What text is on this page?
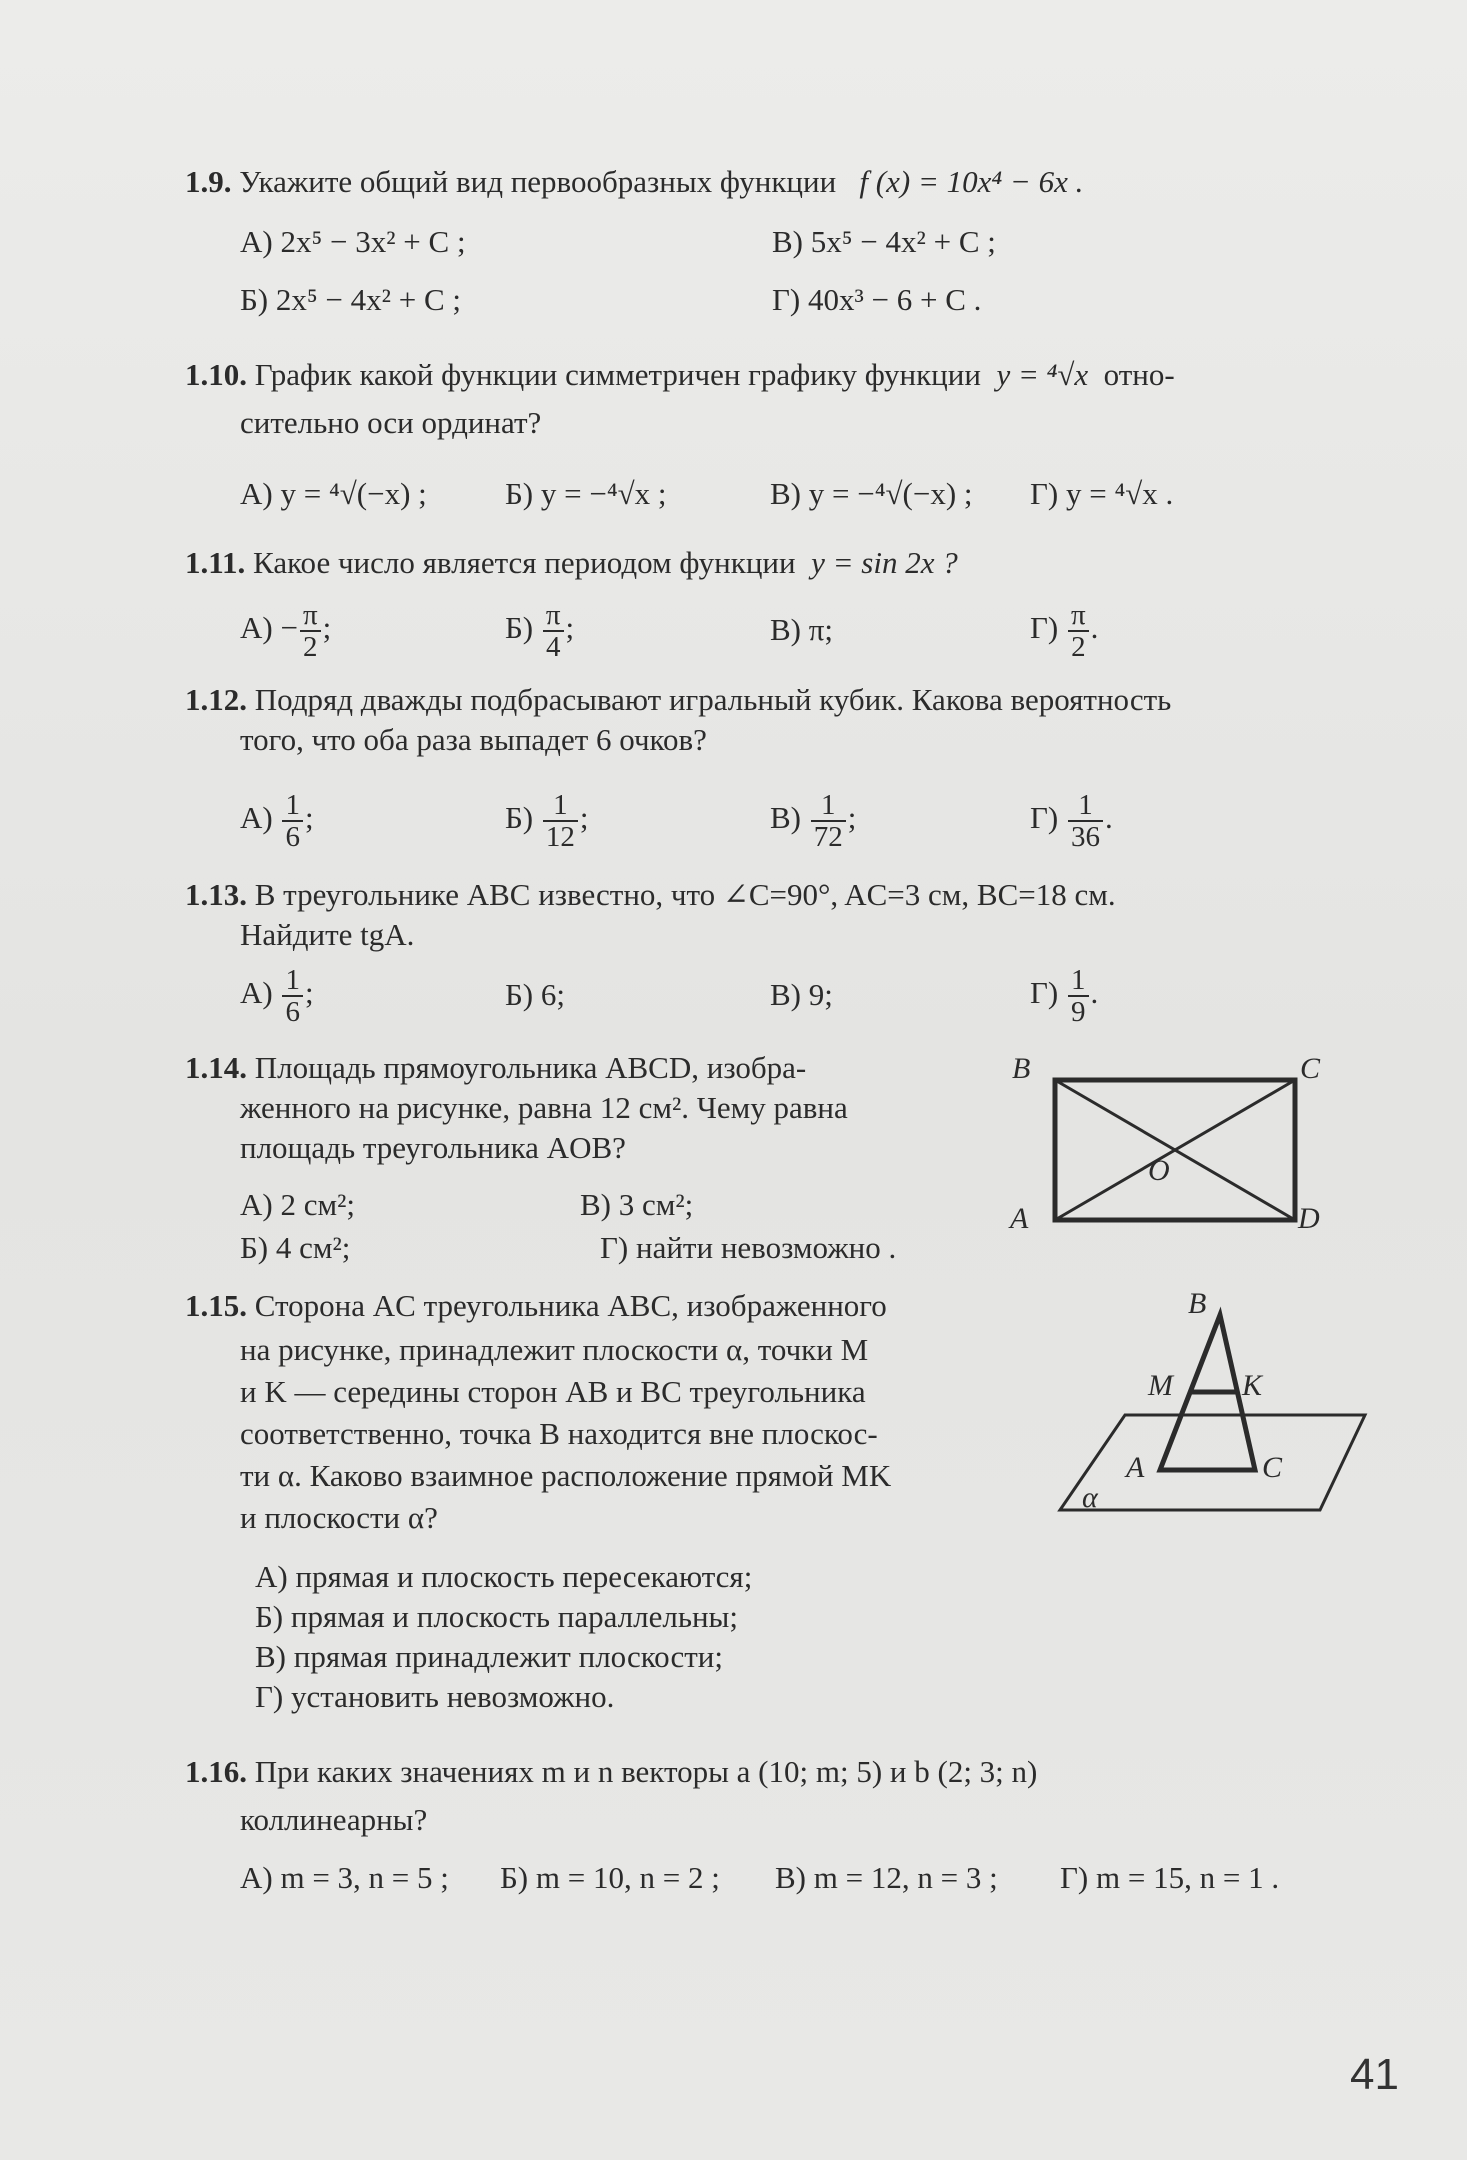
1.9. Укажите общий вид первообразных функции f (x) = 10x⁴ − 6x .
А) 2x⁵ − 3x² + C ;	В) 5x⁵ − 4x² + C ;
Б) 2x⁵ − 4x² + C ;	Г) 40x³ − 6 + C .
1.10. График какой функции симметричен графику функции y = ⁴√x отно-
сительно оси ординат?
А) y = ⁴√(−x) ;	Б) y = −⁴√x ;	В) y = −⁴√(−x) ; Г) y = ⁴√x .
1.11. Какое число является периодом функции y = sin 2x ?
$А) - \frac{\pi}{2}$ ;	$Б) \frac{\pi}{4}$ ;	В) π;	$Г) \frac{\pi}{2}$ .
1.12. Подряд дважды подбрасывают игральный кубик. Какова вероятность
того, что оба раза выпадет 6 очков?
$А) \frac{1}{6}$ ;	$Б) \frac{1}{12}$ ;	$В) \frac{1}{72}$ ;	$Г) \frac{1}{36}$ .
1.13. В треугольнике ABC известно, что ∠C=90°, AC=3 см, BC=18 см.
Найдите tgA.
$А) \frac{1}{6}$ ;	Б) 6;	В) 9;	$Г) \frac{1}{9}$ .
1.14. Площадь прямоугольника ABCD, изобра-
женного на рисунке, равна 12 см². Чему равна
площадь треугольника AOB?
А) 2 см²;	В) 3 см²;
Б) 4 см²;	Г) найти невозможно .
B	C
A	D
O
1.15. Сторона AC треугольника ABC, изображенного
на рисунке, принадлежит плоскости α, точки M
и K — середины сторон AB и BC треугольника
соответственно, точка B находится вне плоскос-
ти α. Каково взаимное расположение прямой MK
и плоскости α?
А) прямая и плоскость пересекаются;
Б) прямая и плоскость параллельны;
В) прямая принадлежит плоскости;
Г) установить невозможно.
B
M K
A	C
α
1.16. При каких значениях m и n векторы a (10; m; 5) и b (2; 3; n)
коллинеарны?
А) m = 3, n = 5 ; Б) m = 10, n = 2 ; В) m = 12, n = 3 ; Г) m = 15, n = 1 .
41
